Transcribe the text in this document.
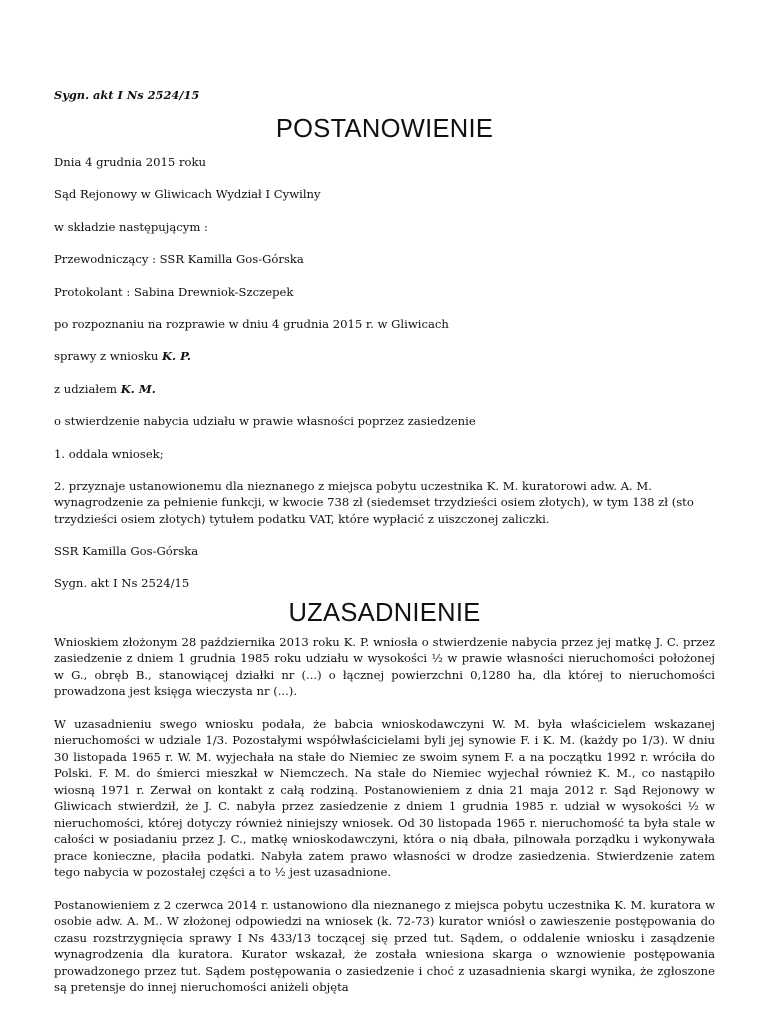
Sygn. akt I Ns 2524/15
POSTANOWIENIE
Dnia 4 grudnia 2015 roku
Sąd Rejonowy w Gliwicach Wydział I Cywilny
w składzie następującym :
Przewodniczący : SSR Kamilla Gos-Górska
Protokolant : Sabina Drewniok-Szczepek
po rozpoznaniu na rozprawie w dniu 4 grudnia 2015 r. w Gliwicach
sprawy z wniosku K. P.
z udziałem K. M.
o stwierdzenie nabycia udziału w prawie własności poprzez zasiedzenie
1. oddala wniosek;

2. przyznaje ustanowionemu dla nieznanego z miejsca pobytu uczestnika K. M. kuratorowi adw. A. M. wynagrodzenie za pełnienie funkcji, w kwocie 738 zł (siedemset trzydzieści osiem złotych), w tym 138 zł (sto trzydzieści osiem złotych) tytułem podatku VAT, które wypłacić z uiszczonej zaliczki.

SSR Kamilla Gos-Górska
Sygn. akt I Ns 2524/15
UZASADNIENIE

Wnioskiem złożonym 28 października 2013 roku K. P. wniosła o stwierdzenie nabycia przez jej matkę J. C. przez zasiedzenie z dniem 1 grudnia 1985 roku udziału w wysokości ½ w prawie własności nieruchomości położonej w G., obręb B., stanowiącej działki nr (...) o łącznej powierzchni 0,1280 ha, dla której to nieruchomości prowadzona jest księga wieczysta nr (...).

W uzasadnieniu swego wniosku podała, że babcia wnioskodawczyni W. M. była właścicielem wskazanej nieruchomości w udziale 1/3. Pozostałymi współwłaścicielami byli jej synowie F. i K. M. (każdy po 1/3). W dniu 30 listopada 1965 r. W. M. wyjechała na stałe do Niemiec ze swoim synem F. a na początku 1992 r. wróciła do Polski. F. M. do śmierci mieszkał w Niemczech. Na stałe do Niemiec wyjechał również K. M., co nastąpiło wiosną 1971 r. Zerwał on kontakt z całą rodziną. Postanowieniem z dnia 21 maja 2012 r. Sąd Rejonowy w Gliwicach stwierdził, że J. C. nabyła przez zasiedzenie z dniem 1 grudnia 1985 r. udział w wysokości ½ w nieruchomości, której dotyczy również niniejszy wniosek. Od 30 listopada 1965 r. nieruchomość ta była stale w całości w posiadaniu przez J. C., matkę wnioskodawczyni, która o nią dbała, pilnowała porządku i wykonywała prace konieczne, płaciła podatki. Nabyła zatem prawo własności w drodze zasiedzenia. Stwierdzenie zatem tego nabycia w pozostałej części a to ½ jest uzasadnione.

Postanowieniem z 2 czerwca 2014 r. ustanowiono dla nieznanego z miejsca pobytu uczestnika K. M. kuratora w osobie adw. A. M.. W złożonej odpowiedzi na wniosek (k. 72-73) kurator wniósł o zawieszenie postępowania do czasu rozstrzygnięcia sprawy I Ns 433/13 toczącej się przed tut. Sądem, o oddalenie wniosku i zasądzenie wynagrodzenia dla kuratora. Kurator wskazał, że została wniesiona skarga o wznowienie postępowania prowadzonego przez tut. Sądem postępowania o zasiedzenie i choć z uzasadnienia skargi wynika, że zgłoszone są pretensje do innej nieruchomości aniżeli objęta
